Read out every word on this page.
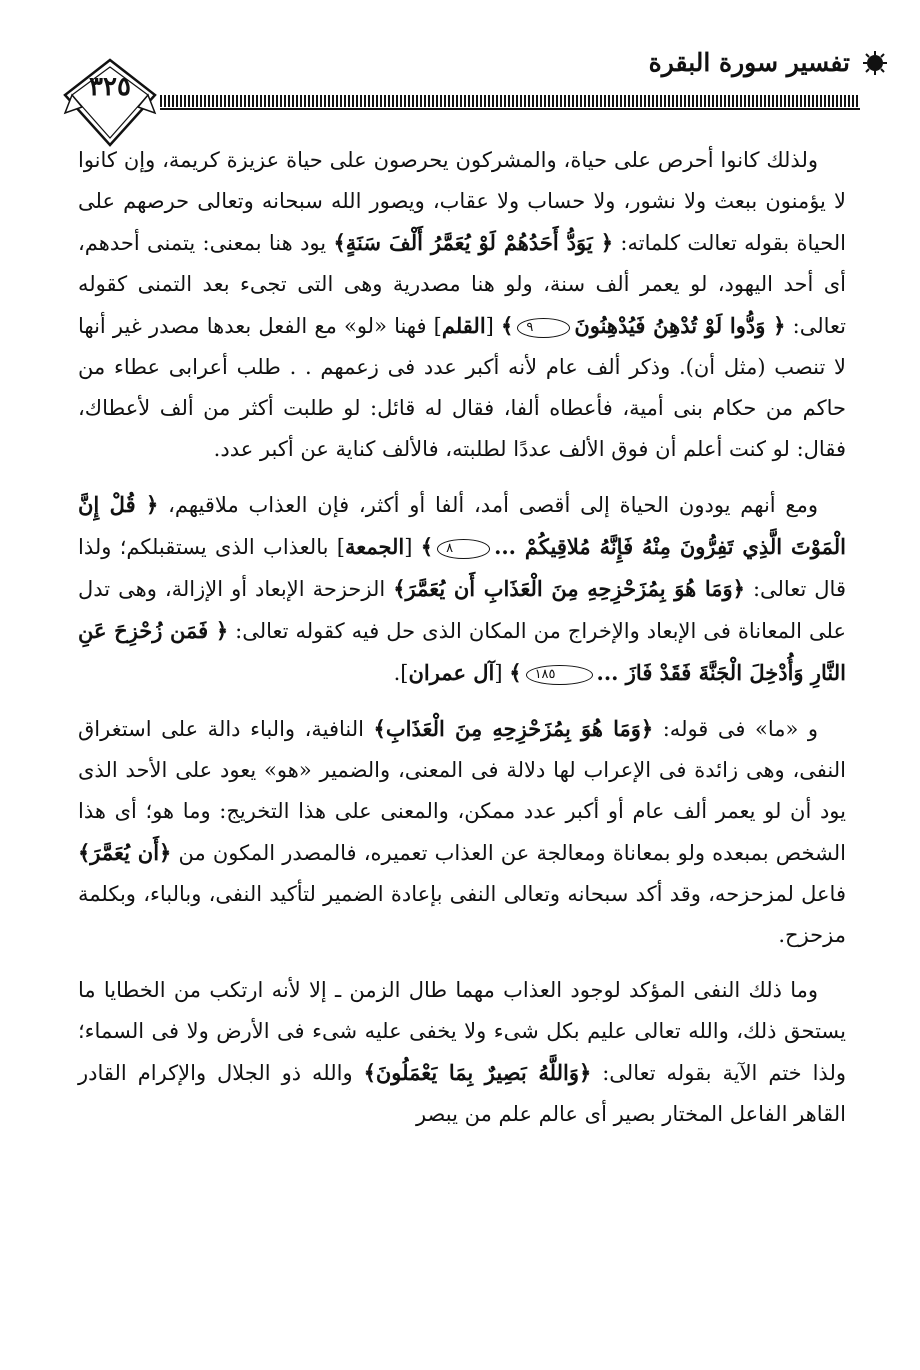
تفسير سورة البقرة
٣٢٥

ولذلك كانوا أحرص على حياة، والمشركون يحرصون على حياة عزيزة كريمة، وإن كانوا لا يؤمنون ببعث ولا نشور، ولا حساب ولا عقاب، ويصور الله سبحانه وتعالى حرصهم على الحياة بقوله تعالت كلماته: ﴿ يَوَدُّ أَحَدُهُمْ لَوْ يُعَمَّرُ أَلْفَ سَنَةٍ﴾ يود هنا بمعنى: يتمنى أحدهم، أى أحد اليهود، لو يعمر ألف سنة، ولو هنا مصدرية وهى التى تجىء بعد التمنى كقوله تعالى: ﴿ وَدُّوا لَوْ تُدْهِنُ فَيُدْهِنُونَ٩﴾ [القلم] فهنا «لو» مع الفعل بعدها مصدر غير أنها لا تنصب (مثل أن). وذكر ألف عام لأنه أكبر عدد فى زعمهم . . طلب أعرابى عطاء من حاكم من حكام بنى أمية، فأعطاه ألفا، فقال له قائل: لو طلبت أكثر من ألف لأعطاك، فقال: لو كنت أعلم أن فوق الألف عددًا لطلبته، فالألف كناية عن أكبر عدد.

ومع أنهم يودون الحياة إلى أقصى أمد، ألفا أو أكثر، فإن العذاب ملاقيهم، ﴿ قُلْ إِنَّ الْمَوْتَ الَّذِي تَفِرُّونَ مِنْهُ فَإِنَّهُ مُلاقِيكُمْ ...٨﴾ [الجمعة] بالعذاب الذى يستقبلكم؛ ولذا قال تعالى: ﴿وَمَا هُوَ بِمُزَحْزِحِهِ مِنَ الْعَذَابِ أَن يُعَمَّرَ﴾ الزحزحة الإبعاد أو الإزالة، وهى تدل على المعاناة فى الإبعاد والإخراج من المكان الذى حل فيه كقوله تعالى: ﴿ فَمَن زُحْزِحَ عَنِ النَّارِ وَأُدْخِلَ الْجَنَّةَ فَقَدْ فَازَ ...١٨٥﴾ [آل عمران].

و «ما» فى قوله: ﴿وَمَا هُوَ بِمُزَحْزِحِهِ مِنَ الْعَذَابِ﴾ النافية، والباء دالة على استغراق النفى، وهى زائدة فى الإعراب لها دلالة فى المعنى، والضمير «هو» يعود على الأحد الذى يود أن لو يعمر ألف عام أو أكبر عدد ممكن، والمعنى على هذا التخريج: وما هو؛ أى هذا الشخص بمبعده ولو بمعاناة ومعالجة عن العذاب تعميره، فالمصدر المكون من ﴿أَن يُعَمَّرَ﴾ فاعل لمزحزحه، وقد أكد سبحانه وتعالى النفى بإعادة الضمير لتأكيد النفى، وبالباء، وبكلمة مزحزح.

وما ذلك النفى المؤكد لوجود العذاب مهما طال الزمن ـ إلا لأنه ارتكب من الخطايا ما يستحق ذلك، والله تعالى عليم بكل شىء ولا يخفى عليه شىء فى الأرض ولا فى السماء؛ ولذا ختم الآية بقوله تعالى: ﴿وَاللَّهُ بَصِيرٌ بِمَا يَعْمَلُونَ﴾ والله ذو الجلال والإكرام القادر القاهر الفاعل المختار بصير أى عالم علم من يبصر
